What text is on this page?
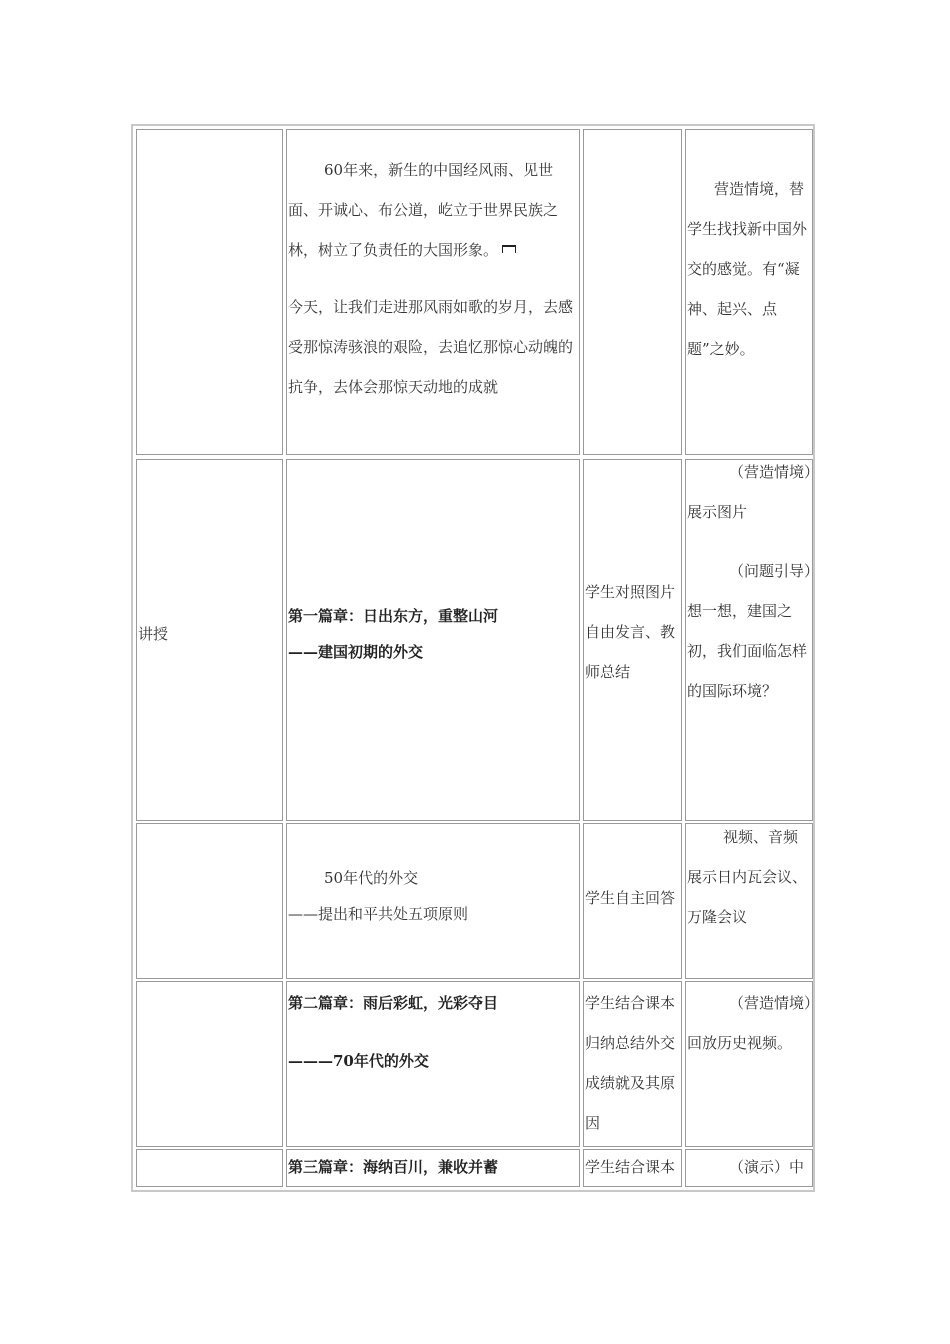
60年来，新生的中国经风雨、见世面、开诚心、布公道，屹立于世界民族之林，树立了负责任的大国形象。
今天，让我们走进那风雨如歌的岁月，去感受那惊涛骇浪的艰险，去追忆那惊心动魄的抗争，去体会那惊天动地的成就
营造情境，替学生找找新中国外交的感觉。有“凝神、起兴、点题”之妙。
讲授
第一篇章：日出东方，重整山河
——建国初期的外交
学生对照图片自由发言、教师总结
（营造情境）展示图片
（问题引导）想一想，建国之初，我们面临怎样的国际环境？
50年代的外交
——提出和平共处五项原则
学生自主回答
视频、音频展示日内瓦会议、万隆会议
第二篇章：雨后彩虹，光彩夺目
———70年代的外交
学生结合课本归纳总结外交成绩就及其原因
（营造情境）回放历史视频。
第三篇章：海纳百川，兼收并蓄	学生结合课本	（演示）中
